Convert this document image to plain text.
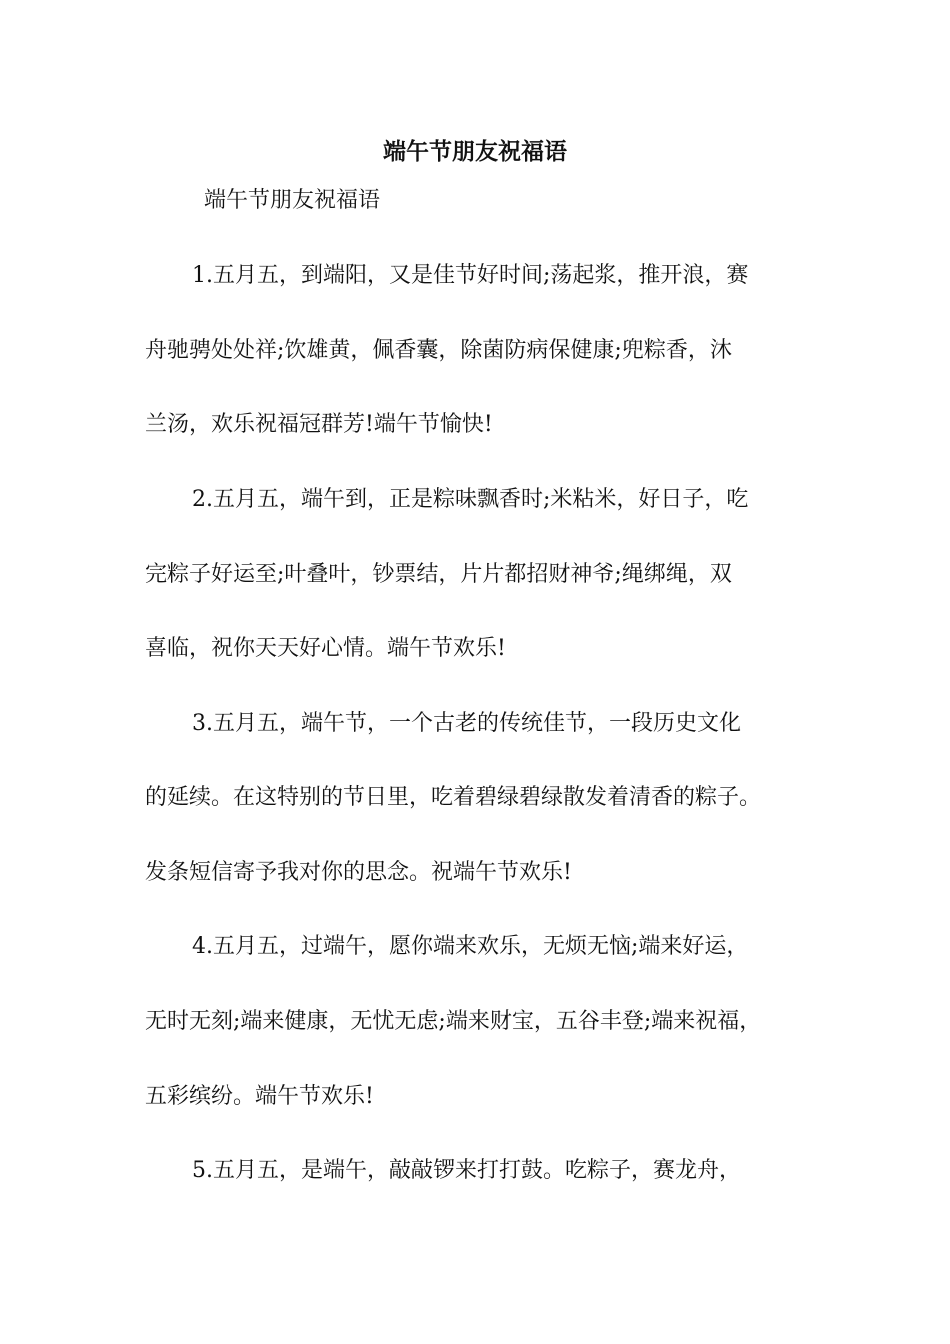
端午节朋友祝福语

端午节朋友祝福语

1.五月五，到端阳，又是佳节好时间;荡起浆，推开浪，赛

舟驰骋处处祥;饮雄黄，佩香囊，除菌防病保健康;兜粽香，沐

兰汤，欢乐祝福冠群芳!端午节愉快!

2.五月五，端午到，正是粽味飘香时;米粘米，好日子，吃

完粽子好运至;叶叠叶，钞票结，片片都招财神爷;绳绑绳，双

喜临，祝你天天好心情。端午节欢乐!

3.五月五，端午节，一个古老的传统佳节，一段历史文化

的延续。在这特别的节日里，吃着碧绿碧绿散发着清香的粽子。

发条短信寄予我对你的思念。祝端午节欢乐!

4.五月五，过端午，愿你端来欢乐，无烦无恼;端来好运，

无时无刻;端来健康，无忧无虑;端来财宝，五谷丰登;端来祝福，

五彩缤纷。端午节欢乐!

5.五月五，是端午，敲敲锣来打打鼓。吃粽子，赛龙舟，
